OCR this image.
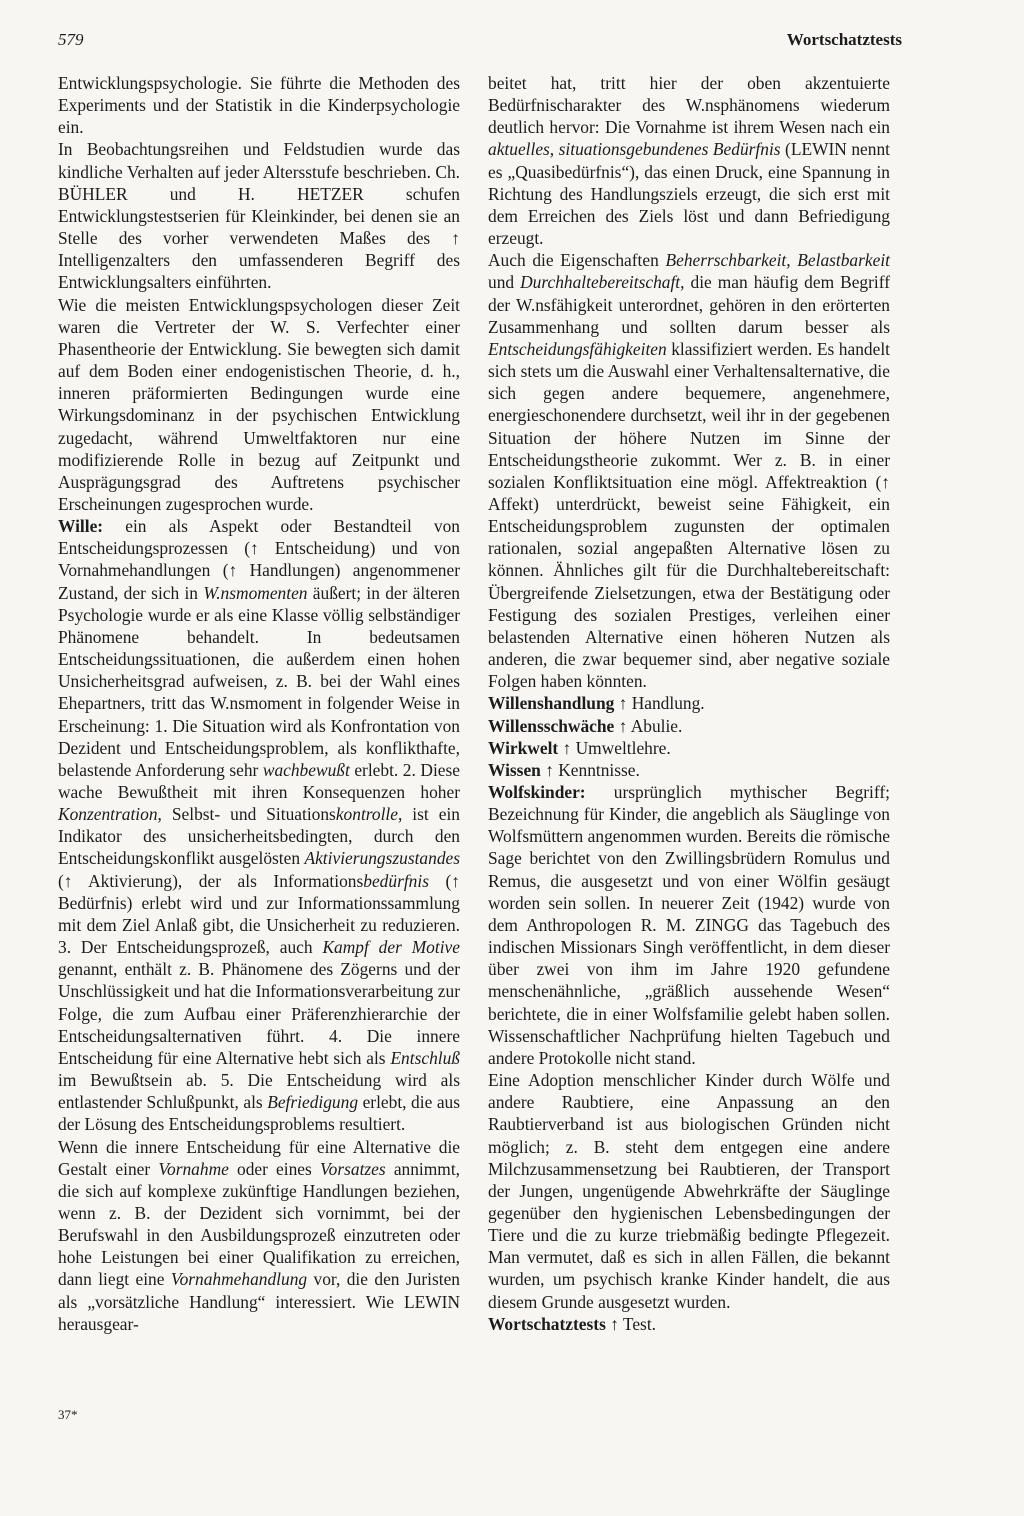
579	Wortschatztests

Entwicklungspsychologie. Sie führte die Methoden des Experiments und der Statistik in die Kinderpsychologie ein.

In Beobachtungsreihen und Feldstudien wurde das kindliche Verhalten auf jeder Altersstufe beschrieben. Ch. BÜHLER und H. HETZER schufen Entwicklungstestserien für Kleinkinder, bei denen sie an Stelle des vorher verwendeten Maßes des ↑ Intelligenzalters den umfassenderen Begriff des Entwicklungsalters einführten.

Wie die meisten Entwicklungspsychologen dieser Zeit waren die Vertreter der W. S. Verfechter einer Phasentheorie der Entwicklung. Sie bewegten sich damit auf dem Boden einer endogenistischen Theorie, d. h., inneren präformierten Bedingungen wurde eine Wirkungsdominanz in der psychischen Entwicklung zugedacht, während Umweltfaktoren nur eine modifizierende Rolle in bezug auf Zeitpunkt und Ausprägungsgrad des Auftretens psychischer Erscheinungen zugesprochen wurde.

Wille: ein als Aspekt oder Bestandteil von Entscheidungsprozessen (↑ Entscheidung) und von Vornahmehandlungen (↑ Handlungen) angenommener Zustand, der sich in W.nsmomenten äußert; in der älteren Psychologie wurde er als eine Klasse völlig selbständiger Phänomene behandelt. In bedeutsamen Entscheidungssituationen, die außerdem einen hohen Unsicherheitsgrad aufweisen, z. B. bei der Wahl eines Ehepartners, tritt das W.nsmoment in folgender Weise in Erscheinung: 1. Die Situation wird als Konfrontation von Dezident und Entscheidungsproblem, als konflikthafte, belastende Anforderung sehr wachbewußt erlebt. 2. Diese wache Bewußtheit mit ihren Konsequenzen hoher Konzentration, Selbst- und Situationskontrolle, ist ein Indikator des unsicherheitsbedingten, durch den Entscheidungskonflikt ausgelösten Aktivierungszustandes (↑ Aktivierung), der als Informationsbedürfnis (↑ Bedürfnis) erlebt wird und zur Informationssammlung mit dem Ziel Anlaß gibt, die Unsicherheit zu reduzieren. 3. Der Entscheidungsprozeß, auch Kampf der Motive genannt, enthält z. B. Phänomene des Zögerns und der Unschlüssigkeit und hat die Informationsverarbeitung zur Folge, die zum Aufbau einer Präferenzhierarchie der Entscheidungsalternativen führt. 4. Die innere Entscheidung für eine Alternative hebt sich als Entschluß im Bewußtsein ab. 5. Die Entscheidung wird als entlastender Schlußpunkt, als Befriedigung erlebt, die aus der Lösung des Entscheidungsproblems resultiert.

Wenn die innere Entscheidung für eine Alternative die Gestalt einer Vornahme oder eines Vorsatzes annimmt, die sich auf komplexe zukünftige Handlungen beziehen, wenn z. B. der Dezident sich vornimmt, bei der Berufswahl in den Ausbildungsprozeß einzutreten oder hohe Leistungen bei einer Qualifikation zu erreichen, dann liegt eine Vornahmehandlung vor, die den Juristen als „vorsätzliche Handlung“ interessiert. Wie LEWIN herausgear-

beitet hat, tritt hier der oben akzentuierte Bedürfnischarakter des W.nsphänomens wiederum deutlich hervor: Die Vornahme ist ihrem Wesen nach ein aktuelles, situationsgebundenes Bedürfnis (LEWIN nennt es „Quasibedürfnis“), das einen Druck, eine Spannung in Richtung des Handlungsziels erzeugt, die sich erst mit dem Erreichen des Ziels löst und dann Befriedigung erzeugt.

Auch die Eigenschaften Beherrschbarkeit, Belastbarkeit und Durchhaltebereitschaft, die man häufig dem Begriff der W.nsfähigkeit unterordnet, gehören in den erörterten Zusammenhang und sollten darum besser als Entscheidungsfähigkeiten klassifiziert werden. Es handelt sich stets um die Auswahl einer Verhaltensalternative, die sich gegen andere bequemere, angenehmere, energieschonendere durchsetzt, weil ihr in der gegebenen Situation der höhere Nutzen im Sinne der Entscheidungstheorie zukommt. Wer z. B. in einer sozialen Konfliktsituation eine mögl. Affektreaktion (↑ Affekt) unterdrückt, beweist seine Fähigkeit, ein Entscheidungsproblem zugunsten der optimalen rationalen, sozial angepaßten Alternative lösen zu können. Ähnliches gilt für die Durchhaltebereitschaft: Übergreifende Zielsetzungen, etwa der Bestätigung oder Festigung des sozialen Prestiges, verleihen einer belastenden Alternative einen höheren Nutzen als anderen, die zwar bequemer sind, aber negative soziale Folgen haben könnten.

Willenshandlung ↑ Handlung.

Willensschwäche ↑ Abulie.

Wirkwelt ↑ Umweltlehre.

Wissen ↑ Kenntnisse.

Wolfskinder: ursprünglich mythischer Begriff; Bezeichnung für Kinder, die angeblich als Säuglinge von Wolfsmüttern angenommen wurden. Bereits die römische Sage berichtet von den Zwillingsbrüdern Romulus und Remus, die ausgesetzt und von einer Wölfin gesäugt worden sein sollen. In neuerer Zeit (1942) wurde von dem Anthropologen R. M. ZINGG das Tagebuch des indischen Missionars Singh veröffentlicht, in dem dieser über zwei von ihm im Jahre 1920 gefundene menschenähnliche, „gräßlich aussehende Wesen“ berichtete, die in einer Wolfsfamilie gelebt haben sollen. Wissenschaftlicher Nachprüfung hielten Tagebuch und andere Protokolle nicht stand.

Eine Adoption menschlicher Kinder durch Wölfe und andere Raubtiere, eine Anpassung an den Raubtierverband ist aus biologischen Gründen nicht möglich; z. B. steht dem entgegen eine andere Milchzusammensetzung bei Raubtieren, der Transport der Jungen, ungenügende Abwehrkräfte der Säuglinge gegenüber den hygienischen Lebensbedingungen der Tiere und die zu kurze triebmäßig bedingte Pflegezeit. Man vermutet, daß es sich in allen Fällen, die bekannt wurden, um psychisch kranke Kinder handelt, die aus diesem Grunde ausgesetzt wurden.

Wortschatztests ↑ Test.

37*
